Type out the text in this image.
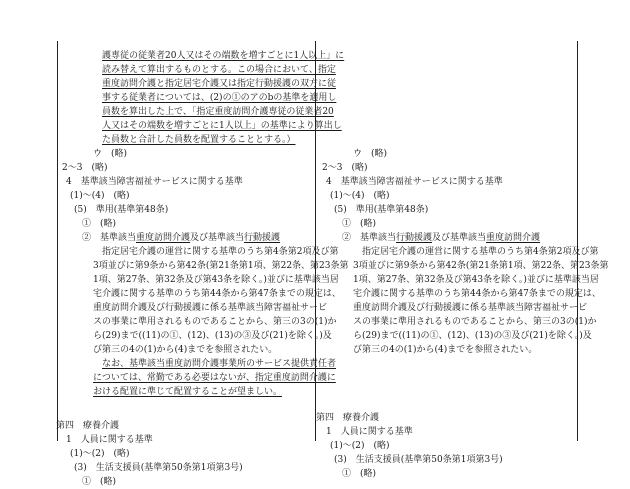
護専従の従業者20人又はその端数を増すごとに1人以上」に

読み替えて算出するものとする。この場合において、指定

重度訪問介護と指定居宅介護又は指定行動援護の双方に従

事する従業者については、(2)の①のアのbの基準を適用し

員数を算出した上で、「指定重度訪問介護専従の従業者20

人又はその端数を増すごとに1人以上」の基準により算出し

た員数と合計した員数を配置することとする。）

ウ　(略)

2～3　(略)

4　基準該当障害福祉サービスに関する基準

(1)～(4)　(略)

(5)　準用(基準第48条)

①　(略)

②　基準該当重度訪問介護及び基準該当行動援護

指定居宅介護の運営に関する基準のうち第4条第2項及び第

3項並びに第9条から第42条(第21条第1項、第22条、第23条第

1項、第27条、第32条及び第43条を除く。)並びに基準該当居

宅介護に関する基準のうち第44条から第47条までの規定は、

重度訪問介護及び行動援護に係る基準該当障害福祉サービ

スの事業に準用されるものであることから、第三の3の(1)か

ら(29)まで((11)の①、(12)、(13)の③及び(21)を除く。)及

び第三の4の(1)から(4)までを参照されたい。

なお、基準該当重度訪問介護事業所のサービス提供責任者

については、常勤である必要はないが、指定重度訪問介護に

おける配置に準じて配置することが望ましい。

第四　療養介護

1　人員に関する基準

(1)～(2)　(略)

(3)　生活支援員(基準第50条第1項第3号)

①　(略)

ウ　(略)

2～3　(略)

4　基準該当障害福祉サービスに関する基準

(1)～(4)　(略)

(5)　準用(基準第48条)

①　(略)

②　基準該当行動援護及び基準該当重度訪問介護

指定居宅介護の運営に関する基準のうち第4条第2項及び第

3項並びに第9条から第42条(第21条第1項、第22条、第23条第

1項、第27条、第32条及び第43条を除く。)並びに基準該当居

宅介護に関する基準のうち第44条から第47条までの規定は、

重度訪問介護及び行動援護に係る基準該当障害福祉サービ

スの事業に準用されるものであることから、第三の3の(1)か

ら(29)まで((11)の①、(12)、(13)の③及び(21)を除く。)及

び第三の4の(1)から(4)までを参照されたい。

第四　療養介護

1　人員に関する基準

(1)～(2)　(略)

(3)　生活支援員(基準第50条第1項第3号)

①　(略)
